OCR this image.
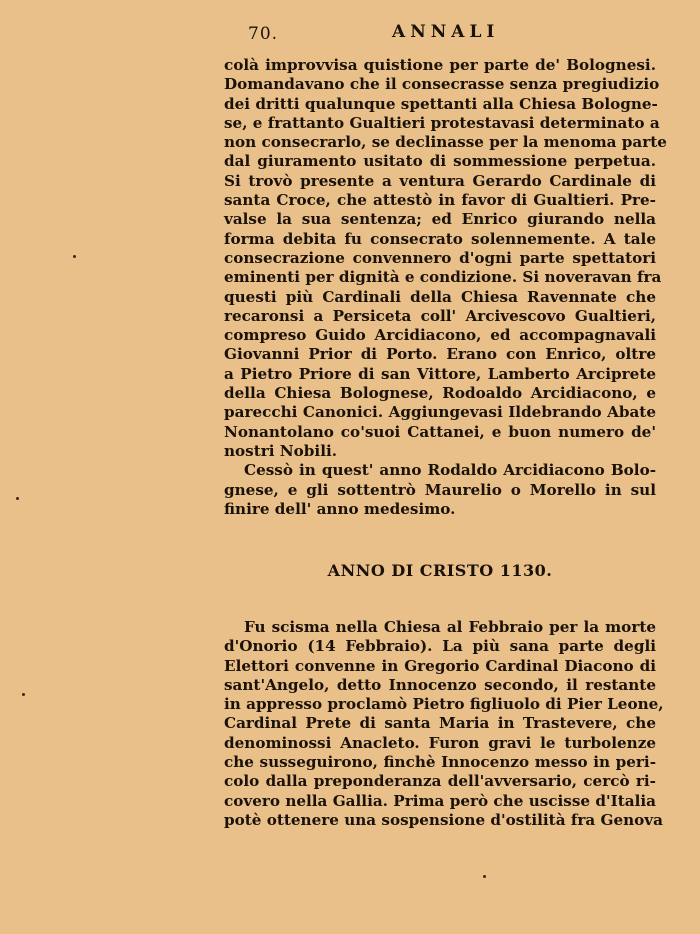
70.	ANNALI
colà improvvisa quistione per parte de' Bolognesi.
Domandavano che il consecrasse senza pregiudizio
dei dritti qualunque spettanti alla Chiesa Bologne-
se, e frattanto Gualtieri protestavasi determinato a
non consecrarlo, se declinasse per la menoma parte
dal giuramento usitato di sommessione perpetua.
Si trovò presente a ventura Gerardo Cardinale di
santa Croce, che attestò in favor di Gualtieri. Pre-
valse la sua sentenza; ed Enrico giurando nella
forma debita fu consecrato solennemente. A tale
consecrazione convennero d'ogni parte spettatori
eminenti per dignità e condizione. Si noveravan fra
questi più Cardinali della Chiesa Ravennate che
recaronsi a Persiceta coll' Arcivescovo Gualtieri,
compreso Guido Arcidiacono, ed accompagnavali
Giovanni Prior di Porto. Erano con Enrico, oltre
a Pietro Priore di san Vittore, Lamberto Arciprete
della Chiesa Bolognese, Rodoaldo Arcidiacono, e
parecchi Canonici. Aggiungevasi Ildebrando Abate
Nonantolano co'suoi Cattanei, e buon numero de'
nostri Nobili.
Cessò in quest' anno Rodaldo Arcidiacono Bolo-
gnese, e gli sottentrò Maurelio o Morello in sul
finire dell' anno medesimo.
ANNO DI CRISTO 1130.
Fu scisma nella Chiesa al Febbraio per la morte
d'Onorio (14 Febbraio). La più sana parte degli
Elettori convenne in Gregorio Cardinal Diacono di
sant'Angelo, detto Innocenzo secondo, il restante
in appresso proclamò Pietro figliuolo di Pier Leone,
Cardinal Prete di santa Maria in Trastevere, che
denominossi Anacleto. Furon gravi le turbolenze
che susseguirono, finchè Innocenzo messo in peri-
colo dalla preponderanza dell'avversario, cercò ri-
covero nella Gallia. Prima però che uscisse d'Italia
potè ottenere una sospensione d'ostilità fra Genova
